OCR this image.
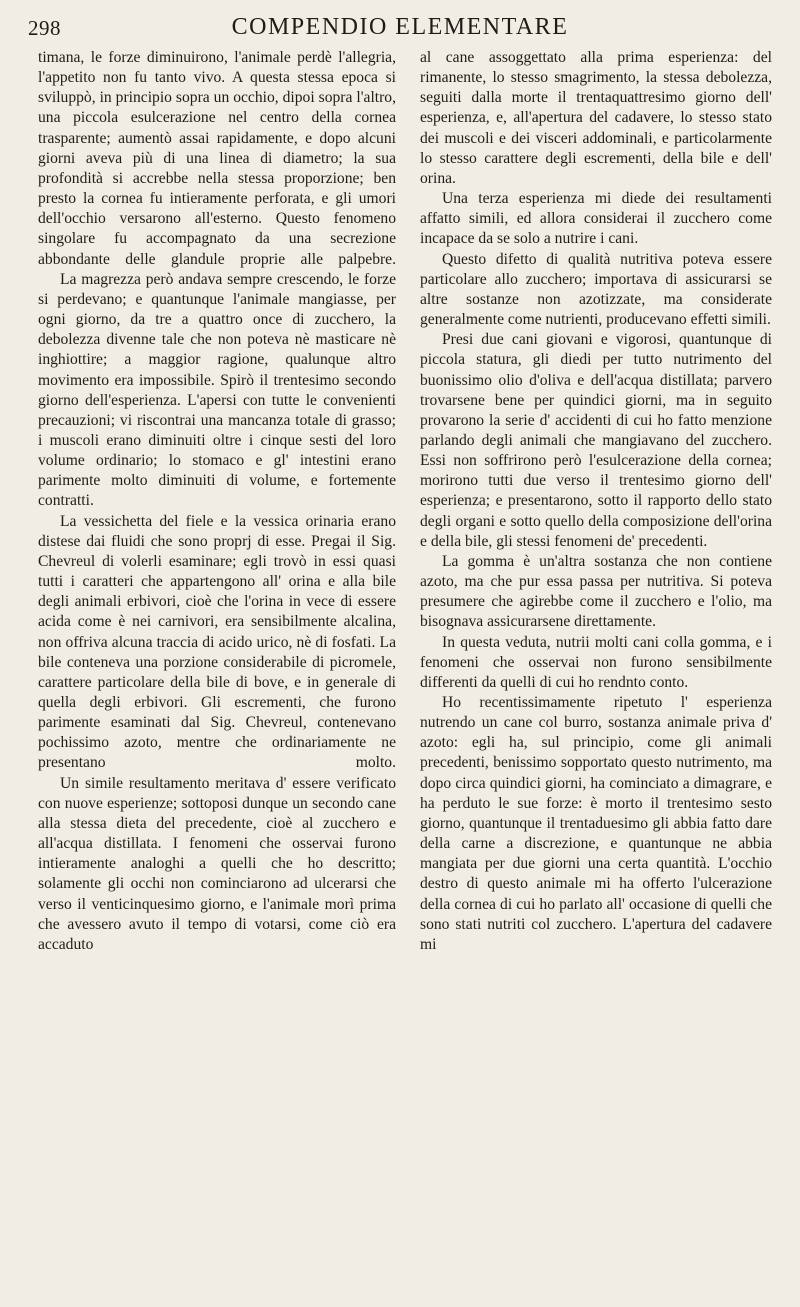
298	COMPENDIO ELEMENTARE

timana, le forze diminuirono, l'animale perdè l'allegria, l'appetito non fu tanto vivo. A questa stessa epoca si sviluppò, in principio sopra un occhio, dipoi sopra l'altro, una piccola esulcerazione nel centro della cornea trasparente; aumentò assai rapidamente, e dopo alcuni giorni aveva più di una linea di diametro; la sua profondità si accrebbe nella stessa proporzione; ben presto la cornea fu intieramente perforata, e gli umori dell'occhio versarono all'esterno. Questo fenomeno singolare fu accompagnato da una secrezione abbondante delle glandule proprie alle palpebre.

La magrezza però andava sempre crescendo, le forze si perdevano; e quantunque l'animale mangiasse, per ogni giorno, da tre a quattro once di zucchero, la debolezza divenne tale che non poteva nè masticare nè inghiottire; a maggior ragione, qualunque altro movimento era impossibile. Spirò il trentesimo secondo giorno dell'esperienza. L'apersi con tutte le convenienti precauzioni; vi riscontrai una mancanza totale di grasso; i muscoli erano diminuiti oltre i cinque sesti del loro volume ordinario; lo stomaco e gl' intestini erano parimente molto diminuiti di volume, e fortemente contratti.

La vessichetta del fiele e la vessica orinaria erano distese dai fluidi che sono proprj di esse. Pregai il Sig. Chevreul di volerli esaminare; egli trovò in essi quasi tutti i caratteri che appartengono all' orina e alla bile degli animali erbivori, cioè che l'orina in vece di essere acida come è nei carnivori, era sensibilmente alcalina, non offriva alcuna traccia di acido urico, nè di fosfati. La bile conteneva una porzione considerabile di picromele, carattere particolare della bile di bove, e in generale di quella degli erbivori. Gli escrementi, che furono parimente esaminati dal Sig. Chevreul, contenevano pochissimo azoto, mentre che ordinariamente ne presentano molto.

Un simile resultamento meritava d' essere verificato con nuove esperienze; sottoposi dunque un secondo cane alla stessa dieta del precedente, cioè al zucchero e all'acqua distillata. I fenomeni che osservai furono intieramente analoghi a quelli che ho descritto; solamente gli occhi non cominciarono ad ulcerarsi che verso il venticinquesimo giorno, e l'animale morì prima che avessero avuto il tempo di votarsi, come ciò era accaduto

al cane assoggettato alla prima esperienza: del rimanente, lo stesso smagrimento, la stessa debolezza, seguiti dalla morte il trentaquattresimo giorno dell' esperienza, e, all'apertura del cadavere, lo stesso stato dei muscoli e dei visceri addominali, e particolarmente lo stesso carattere degli escrementi, della bile e dell' orina.

Una terza esperienza mi diede dei resultamenti affatto simili, ed allora considerai il zucchero come incapace da se solo a nutrire i cani.

Questo difetto di qualità nutritiva poteva essere particolare allo zucchero; importava di assicurarsi se altre sostanze non azotizzate, ma considerate generalmente come nutrienti, producevano effetti simili.

Presi due cani giovani e vigorosi, quantunque di piccola statura, gli diedi per tutto nutrimento del buonissimo olio d'oliva e dell'acqua distillata; parvero trovarsene bene per quindici giorni, ma in seguito provarono la serie d' accidenti di cui ho fatto menzione parlando degli animali che mangiavano del zucchero. Essi non soffrirono però l'esulcerazione della cornea; morirono tutti due verso il trentesimo giorno dell' esperienza; e presentarono, sotto il rapporto dello stato degli organi e sotto quello della composizione dell'orina e della bile, gli stessi fenomeni de' precedenti.

La gomma è un'altra sostanza che non contiene azoto, ma che pur essa passa per nutritiva. Si poteva presumere che agirebbe come il zucchero e l'olio, ma bisognava assicurarsene direttamente.

In questa veduta, nutrii molti cani colla gomma, e i fenomeni che osservai non furono sensibilmente differenti da quelli di cui ho rendnto conto.

Ho recentissimamente ripetuto l' esperienza nutrendo un cane col burro, sostanza animale priva d' azoto: egli ha, sul principio, come gli animali precedenti, benissimo sopportato questo nutrimento, ma dopo circa quindici giorni, ha cominciato a dimagrare, e ha perduto le sue forze: è morto il trentesimo sesto giorno, quantunque il trentaduesimo gli abbia fatto dare della carne a discrezione, e quantunque ne abbia mangiata per due giorni una certa quantità. L'occhio destro di questo animale mi ha offerto l'ulcerazione della cornea di cui ho parlato all' occasione di quelli che sono stati nutriti col zucchero. L'apertura del cadavere mi
